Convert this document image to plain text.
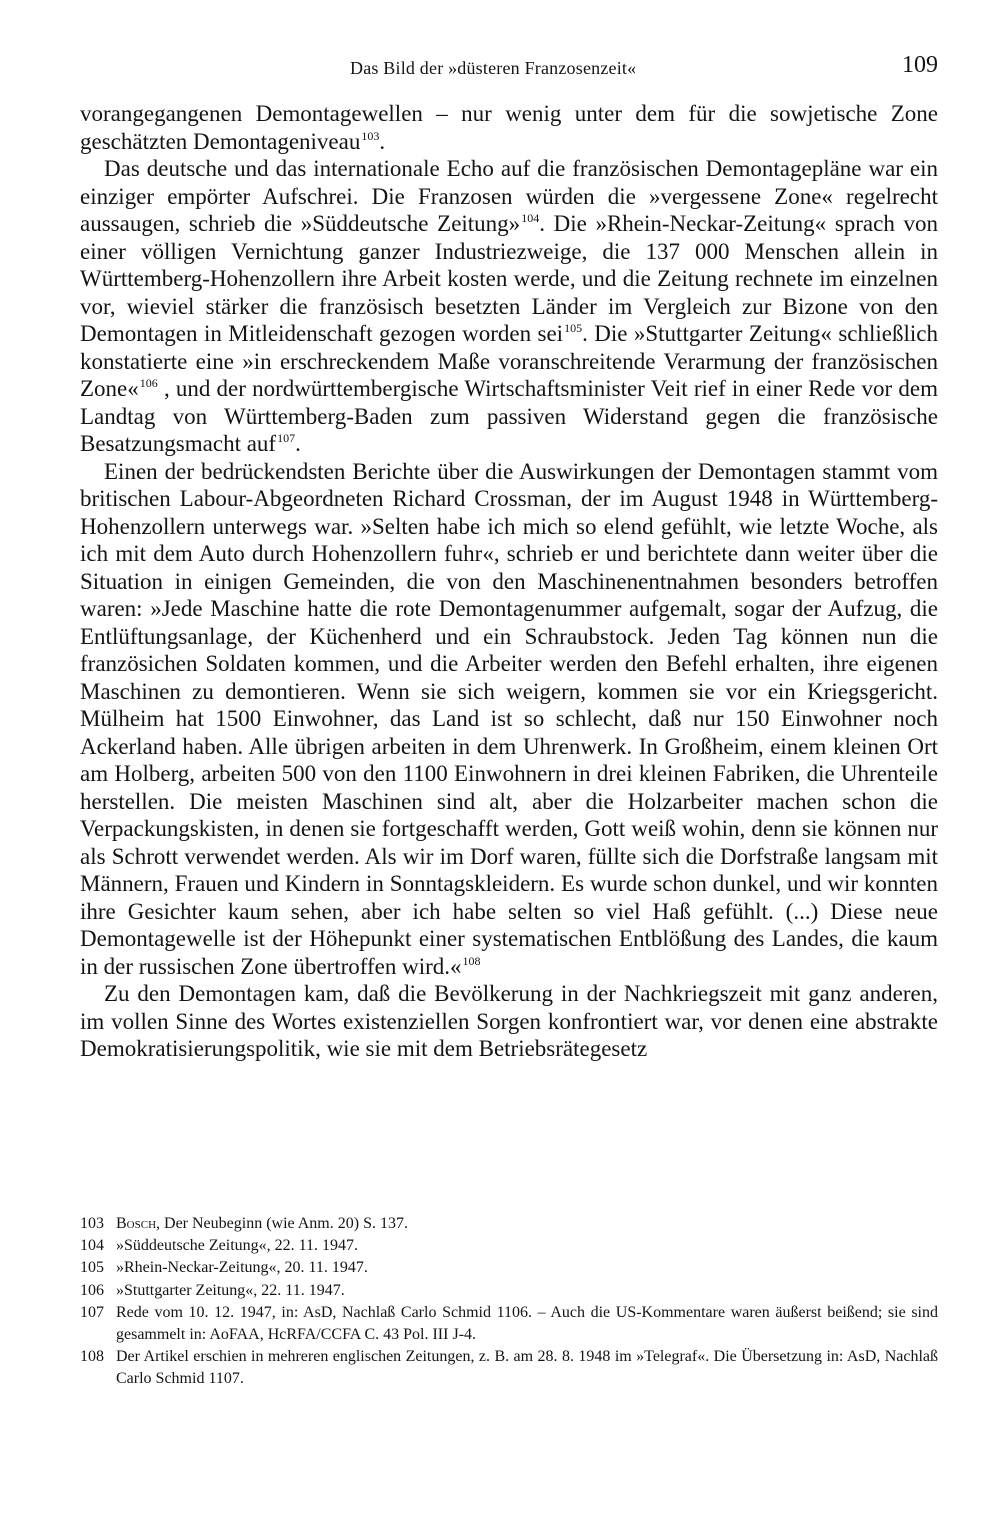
Das Bild der »düsteren Franzosenzeit«	109

vorangegangenen Demontagewellen – nur wenig unter dem für die sowjetische Zone geschätzten Demontageniveau$^{103}$.

Das deutsche und das internationale Echo auf die französischen Demontagepläne war ein einziger empörter Aufschrei. Die Franzosen würden die »vergessene Zone« regelrecht aussaugen, schrieb die »Süddeutsche Zeitung»$^{104}$. Die »Rhein-Neckar-Zeitung« sprach von einer völligen Vernichtung ganzer Industriezweige, die 137 000 Menschen allein in Württemberg-Hohenzollern ihre Arbeit kosten werde, und die Zeitung rechnete im einzelnen vor, wieviel stärker die französisch besetzten Länder im Vergleich zur Bizone von den Demontagen in Mitleidenschaft gezogen worden sei$^{105}$. Die »Stuttgarter Zeitung« schließlich konstatierte eine »in erschreckendem Maße voranschreitende Verarmung der französischen Zone«$^{106}$ , und der nordwürttembergische Wirtschaftsminister Veit rief in einer Rede vor dem Landtag von Württemberg-Baden zum passiven Widerstand gegen die französische Besatzungsmacht auf$^{107}$.

Einen der bedrückendsten Berichte über die Auswirkungen der Demontagen stammt vom britischen Labour-Abgeordneten Richard Crossman, der im August 1948 in Württemberg-Hohenzollern unterwegs war. »Selten habe ich mich so elend gefühlt, wie letzte Woche, als ich mit dem Auto durch Hohenzollern fuhr«, schrieb er und berichtete dann weiter über die Situation in einigen Gemeinden, die von den Maschinenentnahmen besonders betroffen waren: »Jede Maschine hatte die rote Demontagenummer aufgemalt, sogar der Aufzug, die Entlüftungsanlage, der Küchenherd und ein Schraubstock. Jeden Tag können nun die französichen Soldaten kommen, und die Arbeiter werden den Befehl erhalten, ihre eigenen Maschinen zu demontieren. Wenn sie sich weigern, kommen sie vor ein Kriegsgericht. Mülheim hat 1500 Einwohner, das Land ist so schlecht, daß nur 150 Einwohner noch Ackerland haben. Alle übrigen arbeiten in dem Uhrenwerk. In Großheim, einem kleinen Ort am Holberg, arbeiten 500 von den 1100 Einwohnern in drei kleinen Fabriken, die Uhrenteile herstellen. Die meisten Maschinen sind alt, aber die Holzarbeiter machen schon die Verpackungskisten, in denen sie fortgeschafft werden, Gott weiß wohin, denn sie können nur als Schrott verwendet werden. Als wir im Dorf waren, füllte sich die Dorfstraße langsam mit Männern, Frauen und Kindern in Sonntagskleidern. Es wurde schon dunkel, und wir konnten ihre Gesichter kaum sehen, aber ich habe selten so viel Haß gefühlt. (...) Diese neue Demontagewelle ist der Höhepunkt einer systematischen Entblößung des Landes, die kaum in der russischen Zone übertroffen wird.«$^{108}$

Zu den Demontagen kam, daß die Bevölkerung in der Nachkriegszeit mit ganz anderen, im vollen Sinne des Wortes existenziellen Sorgen konfrontiert war, vor denen eine abstrakte Demokratisierungspolitik, wie sie mit dem Betriebsrätegesetz

103 Bosch, Der Neubeginn (wie Anm. 20) S. 137.
104 »Süddeutsche Zeitung«, 22. 11. 1947.
105 »Rhein-Neckar-Zeitung«, 20. 11. 1947.
106 »Stuttgarter Zeitung«, 22. 11. 1947.
107 Rede vom 10. 12. 1947, in: AsD, Nachlaß Carlo Schmid 1106. – Auch die US-Kommentare waren äußerst beißend; sie sind gesammelt in: AoFAA, HcRFA/CCFA C. 43 Pol. III J-4.
108 Der Artikel erschien in mehreren englischen Zeitungen, z. B. am 28. 8. 1948 im »Telegraf«. Die Übersetzung in: AsD, Nachlaß Carlo Schmid 1107.
